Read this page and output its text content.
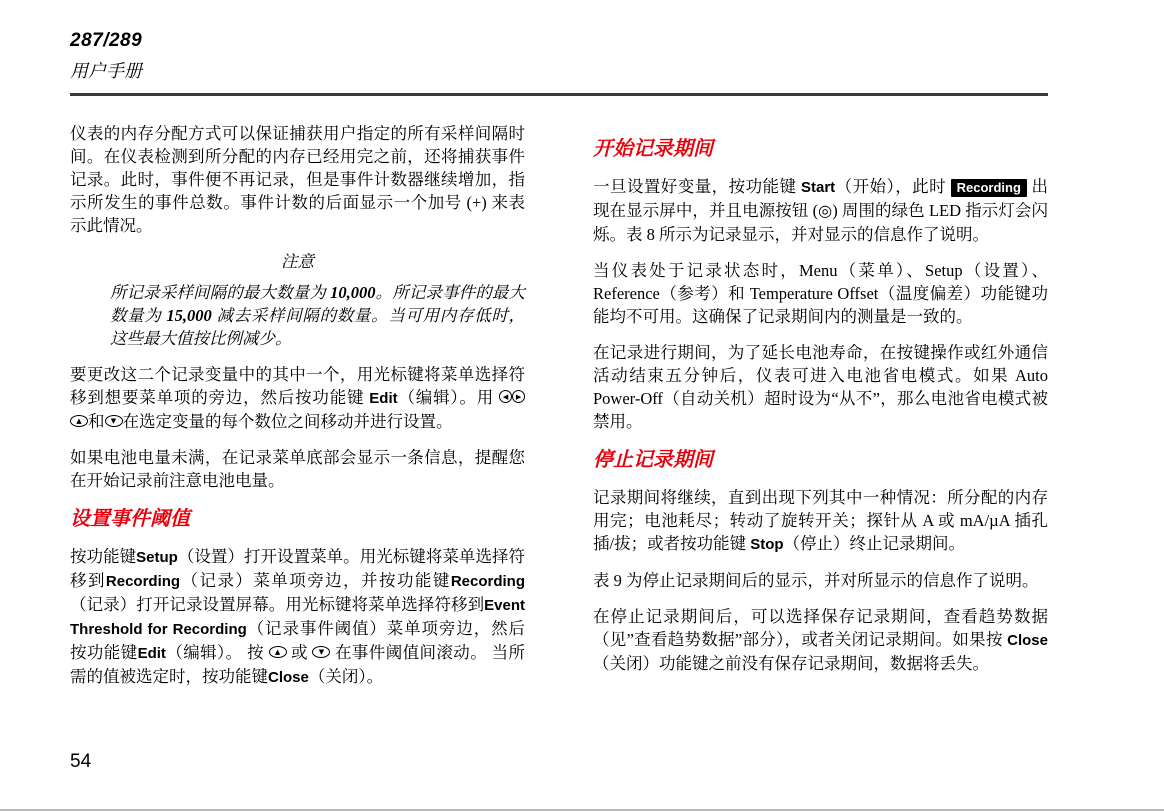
287/289
用户手册
仪表的内存分配方式可以保证捕获用户指定的所有采样间隔时间。在仪表检测到所分配的内存已经用完之前，还将捕获事件记录。此时，事件便不再记录，但是事件计数器继续增加，指示所发生的事件总数。事件计数的后面显示一个加号 (+) 来表示此情况。
注意
所记录采样间隔的最大数量为 10,000。所记录事件的最大数量为 15,000 减去采样间隔的数量。当可用内存低时，这些最大值按比例减少。
要更改这二个记录变量中的其中一个，用光标键将菜单选择符移到想要菜单项的旁边，然后按功能键 Edit（编辑）。用 ◀ ▶ ▲ 和 ▼ 在选定变量的每个数位之间移动并进行设置。
如果电池电量未满，在记录菜单底部会显示一条信息，提醒您在开始记录前注意电池电量。
设置事件阈值
按功能键Setup（设置）打开设置菜单。用光标键将菜单选择符移到Recording（记录）菜单项旁边，并按功能键Recording（记录）打开记录设置屏幕。用光标键将菜单选择符移到Event Threshold for Recording（记录事件阈值）菜单项旁边，然后按功能键Edit（编辑）。 按 ▲ 或 ▼ 在事件阈值间滚动。 当所需的值被选定时，按功能键Close（关闭）。
开始记录期间
一旦设置好变量，按功能键 Start（开始），此时 Recording 出现在显示屏中，并且电源按钮 (◎) 周围的绿色 LED 指示灯会闪烁。表 8 所示为记录显示，并对显示的信息作了说明。
当仪表处于记录状态时，Menu（菜单）、Setup（设置）、Reference（参考）和 Temperature Offset（温度偏差）功能键功能均不可用。这确保了记录期间内的测量是一致的。
在记录进行期间，为了延长电池寿命，在按键操作或红外通信活动结束五分钟后，仪表可进入电池省电模式。如果 Auto Power-Off（自动关机）超时设为“从不”，那么电池省电模式被禁用。
停止记录期间
记录期间将继续，直到出现下列其中一种情况：所分配的内存用完；电池耗尽；转动了旋转开关；探针从 A 或 mA/µA 插孔插/拔；或者按功能键 Stop（停止）终止记录期间。
表 9 为停止记录期间后的显示，并对所显示的信息作了说明。
在停止记录期间后，可以选择保存记录期间，查看趋势数据（见”查看趋势数据”部分），或者关闭记录期间。如果按 Close（关闭）功能键之前没有保存记录期间，数据将丢失。
54
